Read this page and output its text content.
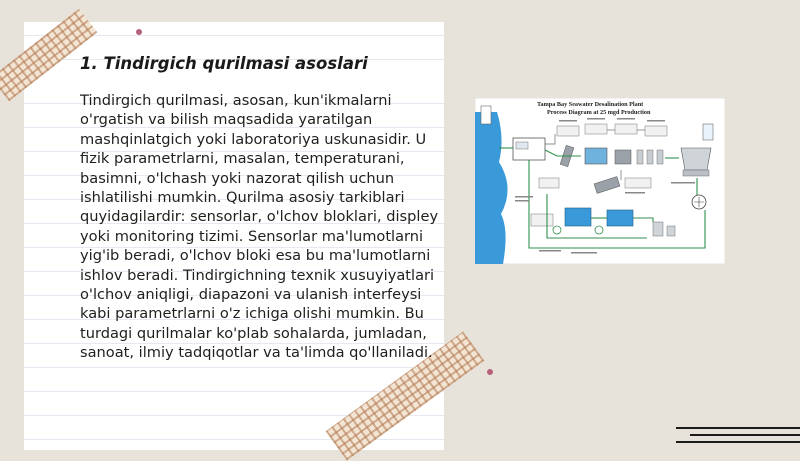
1. Tindirgich qurilmasi asoslari

Tindirgich qurilmasi, asosan, kun'ikmalarni o'rgatish va bilish maqsadida yaratilgan mashqinlatgich yoki laboratoriya uskunasidir. U fizik parametrlarni, masalan, temperaturani, basimni, o'lchash yoki nazorat qilish uchun ishlatilishi mumkin. Qurilma asosiy tarkiblari quyidagilardir: sensorlar, o'lchov bloklari, displey yoki monitoring tizimi. Sensorlar ma'lumotlarni yig'ib beradi, o'lchov bloki esa bu ma'lumotlarni ishlov beradi. Tindirgichning texnik xusuyiyatlari o'lchov aniqligi, diapazoni va ulanish interfeysi kabi parametrlarni o'z ichiga olishi mumkin. Bu turdagi qurilmalar ko'plab sohalarda, jumladan, sanoat, ilmiy tadqiqotlar va ta'limda qo'llaniladi.

Tampa Bay Seawater Desalination Plant
Process Diagram at 25 mgd Production
